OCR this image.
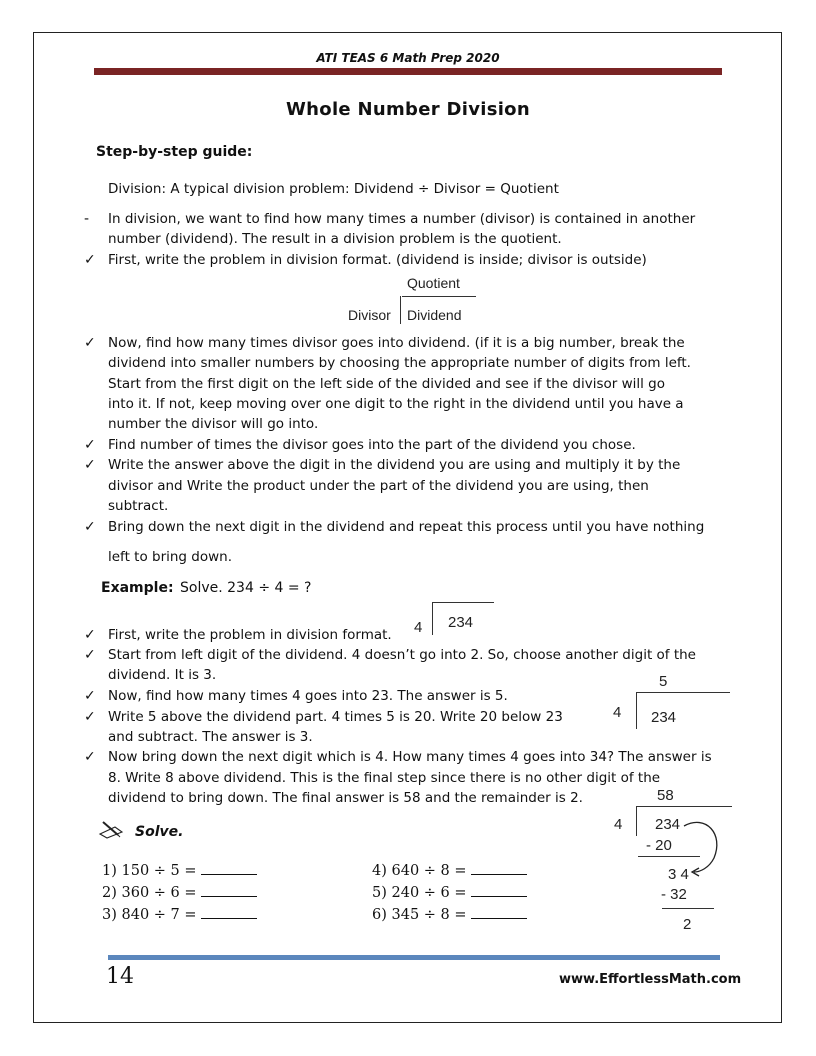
ATI TEAS 6 Math Prep 2020
Whole Number Division
Step-by-step guide:
Division: A typical division problem: Dividend ÷ Divisor = Quotient
- In division, we want to find how many times a number (divisor) is contained in another
number (dividend). The result in a division problem is the quotient.
✓ First, write the problem in division format. (dividend is inside; divisor is outside)
Quotient
Divisor Dividend
✓ Now, find how many times divisor goes into dividend. (if it is a big number, break the
dividend into smaller numbers by choosing the appropriate number of digits from left.
Start from the first digit on the left side of the divided and see if the divisor will go
into it. If not, keep moving over one digit to the right in the dividend until you have a
number the divisor will go into.
✓ Find number of times the divisor goes into the part of the dividend you chose.
✓ Write the answer above the digit in the dividend you are using and multiply it by the
divisor and Write the product under the part of the dividend you are using, then
subtract.
✓ Bring down the next digit in the dividend and repeat this process until you have nothing
left to bring down.
Example: Solve. 234 ÷ 4 = ?
✓ First, write the problem in division format. 4 234
✓ Start from left digit of the dividend. 4 doesn’t go into 2. So, choose another digit of the
dividend. It is 3.
✓ Now, find how many times 4 goes into 23. The answer is 5.
✓ Write 5 above the dividend part. 4 times 5 is 20. Write 20 below 23
and subtract. The answer is 3.
5
4 234
✓ Now bring down the next digit which is 4. How many times 4 goes into 34? The answer is
8. Write 8 above dividend. This is the final step since there is no other digit of the
dividend to bring down. The final answer is 58 and the remainder is 2.	58
4 234
- 20
3 4
- 32
2
Solve.
1) 150 ÷ 5 =
2) 360 ÷ 6 =
3) 840 ÷ 7 =
4) 640 ÷ 8 =
5) 240 ÷ 6 =
6) 345 ÷ 8 =
14	www.EffortlessMath.com
